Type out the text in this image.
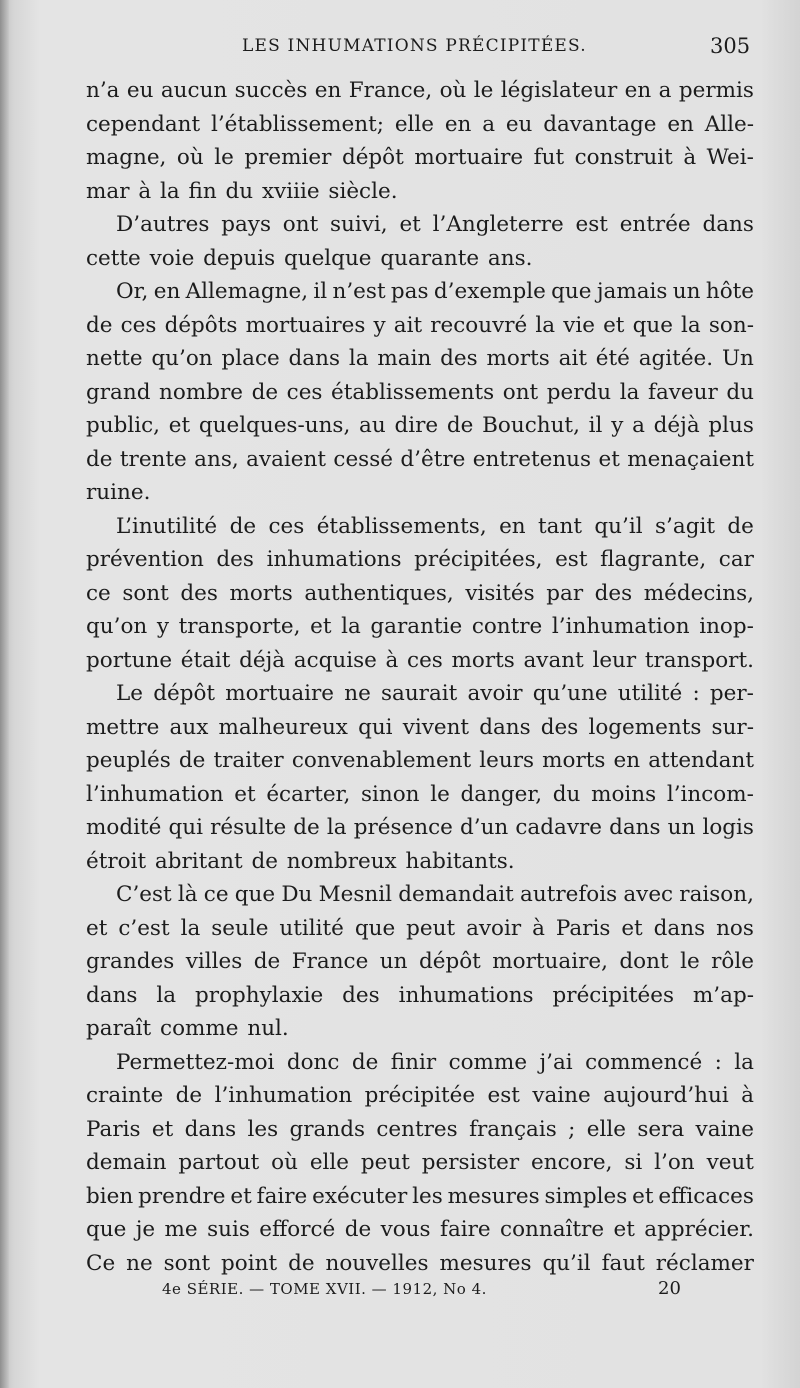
LES INHUMATIONS PRÉCIPITÉES.	305
n’a eu aucun succès en France, où le législateur en a permis
cependant l’établissement; elle en a eu davantage en Alle-
magne, où le premier dépôt mortuaire fut construit à Wei-
mar à la fin du xviiie siècle.
D’autres pays ont suivi, et l’Angleterre est entrée dans
cette voie depuis quelque quarante ans.
Or, en Allemagne, il n’est pas d’exemple que jamais un hôte
de ces dépôts mortuaires y ait recouvré la vie et que la son-
nette qu’on place dans la main des morts ait été agitée. Un
grand nombre de ces établissements ont perdu la faveur du
public, et quelques-uns, au dire de Bouchut, il y a déjà plus
de trente ans, avaient cessé d’être entretenus et menaçaient
ruine.
L’inutilité de ces établissements, en tant qu’il s’agit de
prévention des inhumations précipitées, est flagrante, car
ce sont des morts authentiques, visités par des médecins,
qu’on y transporte, et la garantie contre l’inhumation inop-
portune était déjà acquise à ces morts avant leur transport.
Le dépôt mortuaire ne saurait avoir qu’une utilité : per-
mettre aux malheureux qui vivent dans des logements sur-
peuplés de traiter convenablement leurs morts en attendant
l’inhumation et écarter, sinon le danger, du moins l’incom-
modité qui résulte de la présence d’un cadavre dans un logis
étroit abritant de nombreux habitants.
C’est là ce que Du Mesnil demandait autrefois avec raison,
et c’est la seule utilité que peut avoir à Paris et dans nos
grandes villes de France un dépôt mortuaire, dont le rôle
dans la prophylaxie des inhumations précipitées m’ap-
paraît comme nul.
Permettez-moi donc de finir comme j’ai commencé : la
crainte de l’inhumation précipitée est vaine aujourd’hui à
Paris et dans les grands centres français ; elle sera vaine
demain partout où elle peut persister encore, si l’on veut
bien prendre et faire exécuter les mesures simples et efficaces
que je me suis efforcé de vous faire connaître et apprécier.
Ce ne sont point de nouvelles mesures qu’il faut réclamer
4e SÉRIE. — TOME XVII. — 1912, No 4.	20
